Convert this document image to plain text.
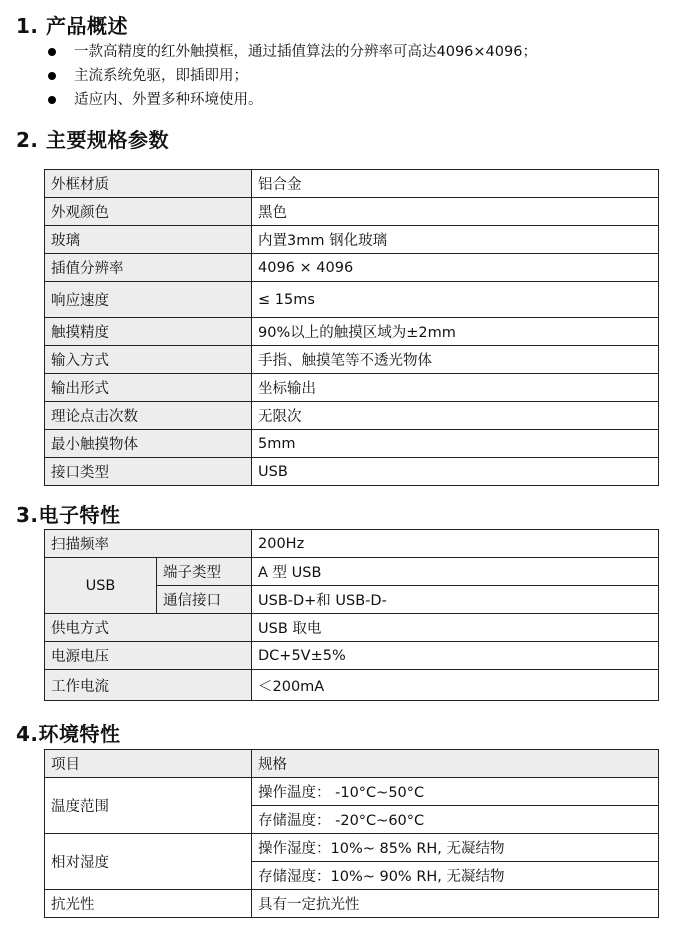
1. 产品概述
一款高精度的红外触摸框，通过插值算法的分辨率可高达4096×4096；
主流系统免驱，即插即用；
适应内、外置多种环境使用。
2. 主要规格参数
外框材质	铝合金
外观颜色	黑色
玻璃	内置3mm 钢化玻璃
插值分辨率	4096 × 4096
响应速度	≤ 15ms
触摸精度	90%以上的触摸区域为±2mm
输入方式	手指、触摸笔等不透光物体
输出形式	坐标输出
理论点击次数	无限次
最小触摸物体	5mm
接口类型	USB
3.电子特性
扫描频率		200Hz
USB	端子类型	A 型 USB
	通信接口	USB-D+和 USB-D-
供电方式		USB 取电
电源电压		DC+5V±5%
工作电流		＜200mA
4.环境特性
项目	规格
温度范围	操作温度： -10°C~50°C
	存储温度： -20°C~60°C
相对湿度	操作湿度：10%~ 85% RH, 无凝结物
	存储湿度：10%~ 90% RH, 无凝结物
抗光性	具有一定抗光性
